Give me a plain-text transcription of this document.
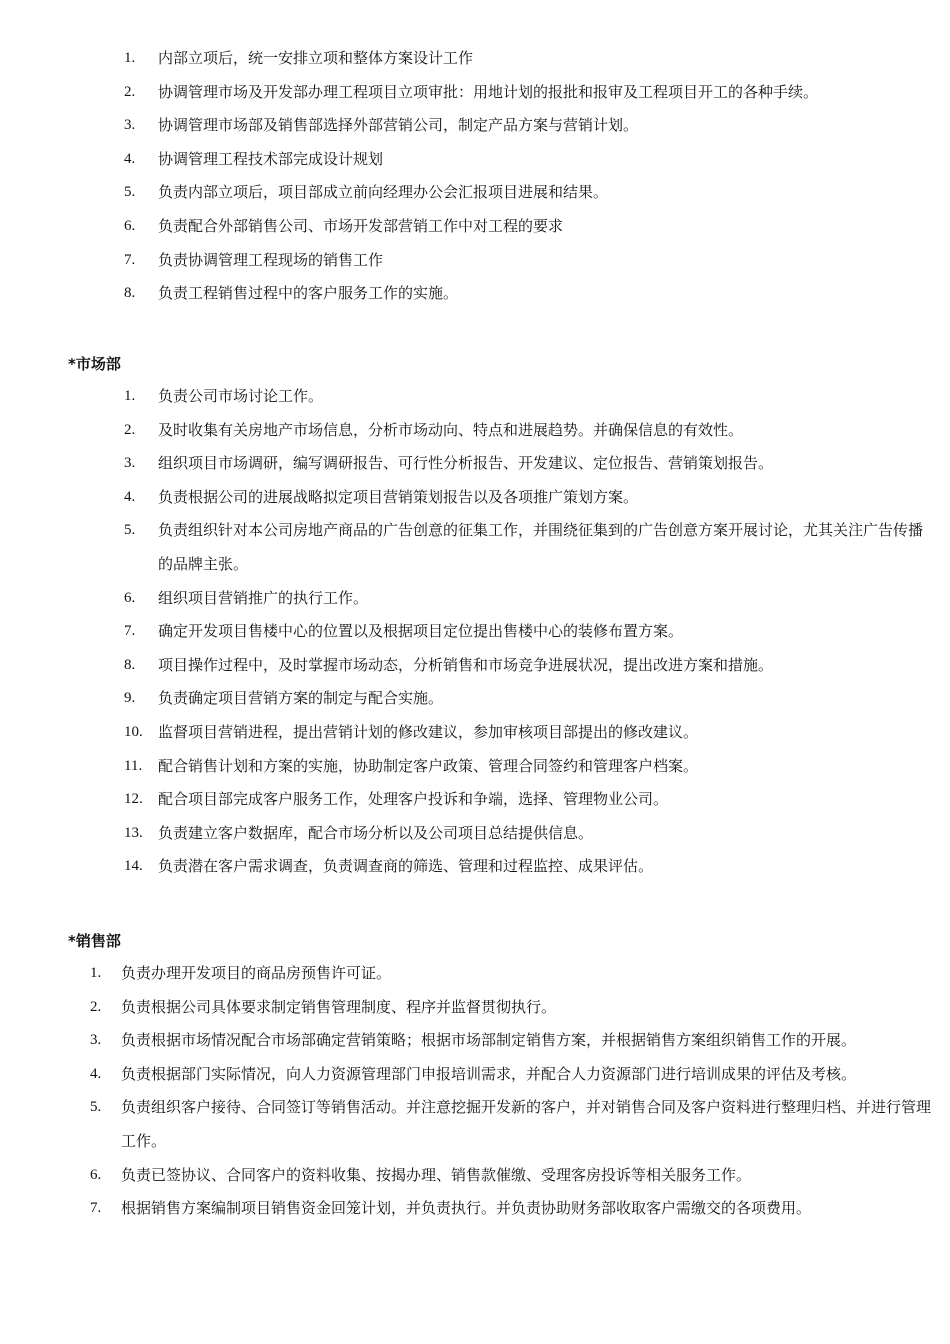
1.	内部立项后，统一安排立项和整体方案设计工作
2.	协调管理市场及开发部办理工程项目立项审批：用地计划的报批和报审及工程项目开工的各种手续。
3.	协调管理市场部及销售部选择外部营销公司，制定产品方案与营销计划。
4.	协调管理工程技术部完成设计规划
5.	负责内部立项后，项目部成立前向经理办公会汇报项目进展和结果。
6.	负责配合外部销售公司、市场开发部营销工作中对工程的要求
7.	负责协调管理工程现场的销售工作
8.	负责工程销售过程中的客户服务工作的实施。
*市场部
1.	负责公司市场讨论工作。
2.	及时收集有关房地产市场信息，分析市场动向、特点和进展趋势。并确保信息的有效性。
3.	组织项目市场调研，编写调研报告、可行性分析报告、开发建议、定位报告、营销策划报告。
4.	负责根据公司的进展战略拟定项目营销策划报告以及各项推广策划方案。
5.	负责组织针对本公司房地产商品的广告创意的征集工作，并围绕征集到的广告创意方案开展讨论，尤其关注广告传播的品牌主张。
6.	组织项目营销推广的执行工作。
7.	确定开发项目售楼中心的位置以及根据项目定位提出售楼中心的装修布置方案。
8.	项目操作过程中，及时掌握市场动态，分析销售和市场竞争进展状况，提出改进方案和措施。
9.	负责确定项目营销方案的制定与配合实施。
10.	监督项目营销进程，提出营销计划的修改建议，参加审核项目部提出的修改建议。
11.	配合销售计划和方案的实施，协助制定客户政策、管理合同签约和管理客户档案。
12.	配合项目部完成客户服务工作，处理客户投诉和争端，选择、管理物业公司。
13.	负责建立客户数据库，配合市场分析以及公司项目总结提供信息。
14.	负责潜在客户需求调查，负责调查商的筛选、管理和过程监控、成果评估。
*销售部
1.	负责办理开发项目的商品房预售许可证。
2.	负责根据公司具体要求制定销售管理制度、程序并监督贯彻执行。
3.	负责根据市场情况配合市场部确定营销策略；根据市场部制定销售方案，并根据销售方案组织销售工作的开展。
4.	负责根据部门实际情况，向人力资源管理部门申报培训需求，并配合人力资源部门进行培训成果的评估及考核。
5.	负责组织客户接待、合同签订等销售活动。并注意挖掘开发新的客户，并对销售合同及客户资料进行整理归档、并进行管理工作。
6.	负责已签协议、合同客户的资料收集、按揭办理、销售款催缴、受理客房投诉等相关服务工作。
7.	根据销售方案编制项目销售资金回笼计划，并负责执行。并负责协助财务部收取客户需缴交的各项费用。
